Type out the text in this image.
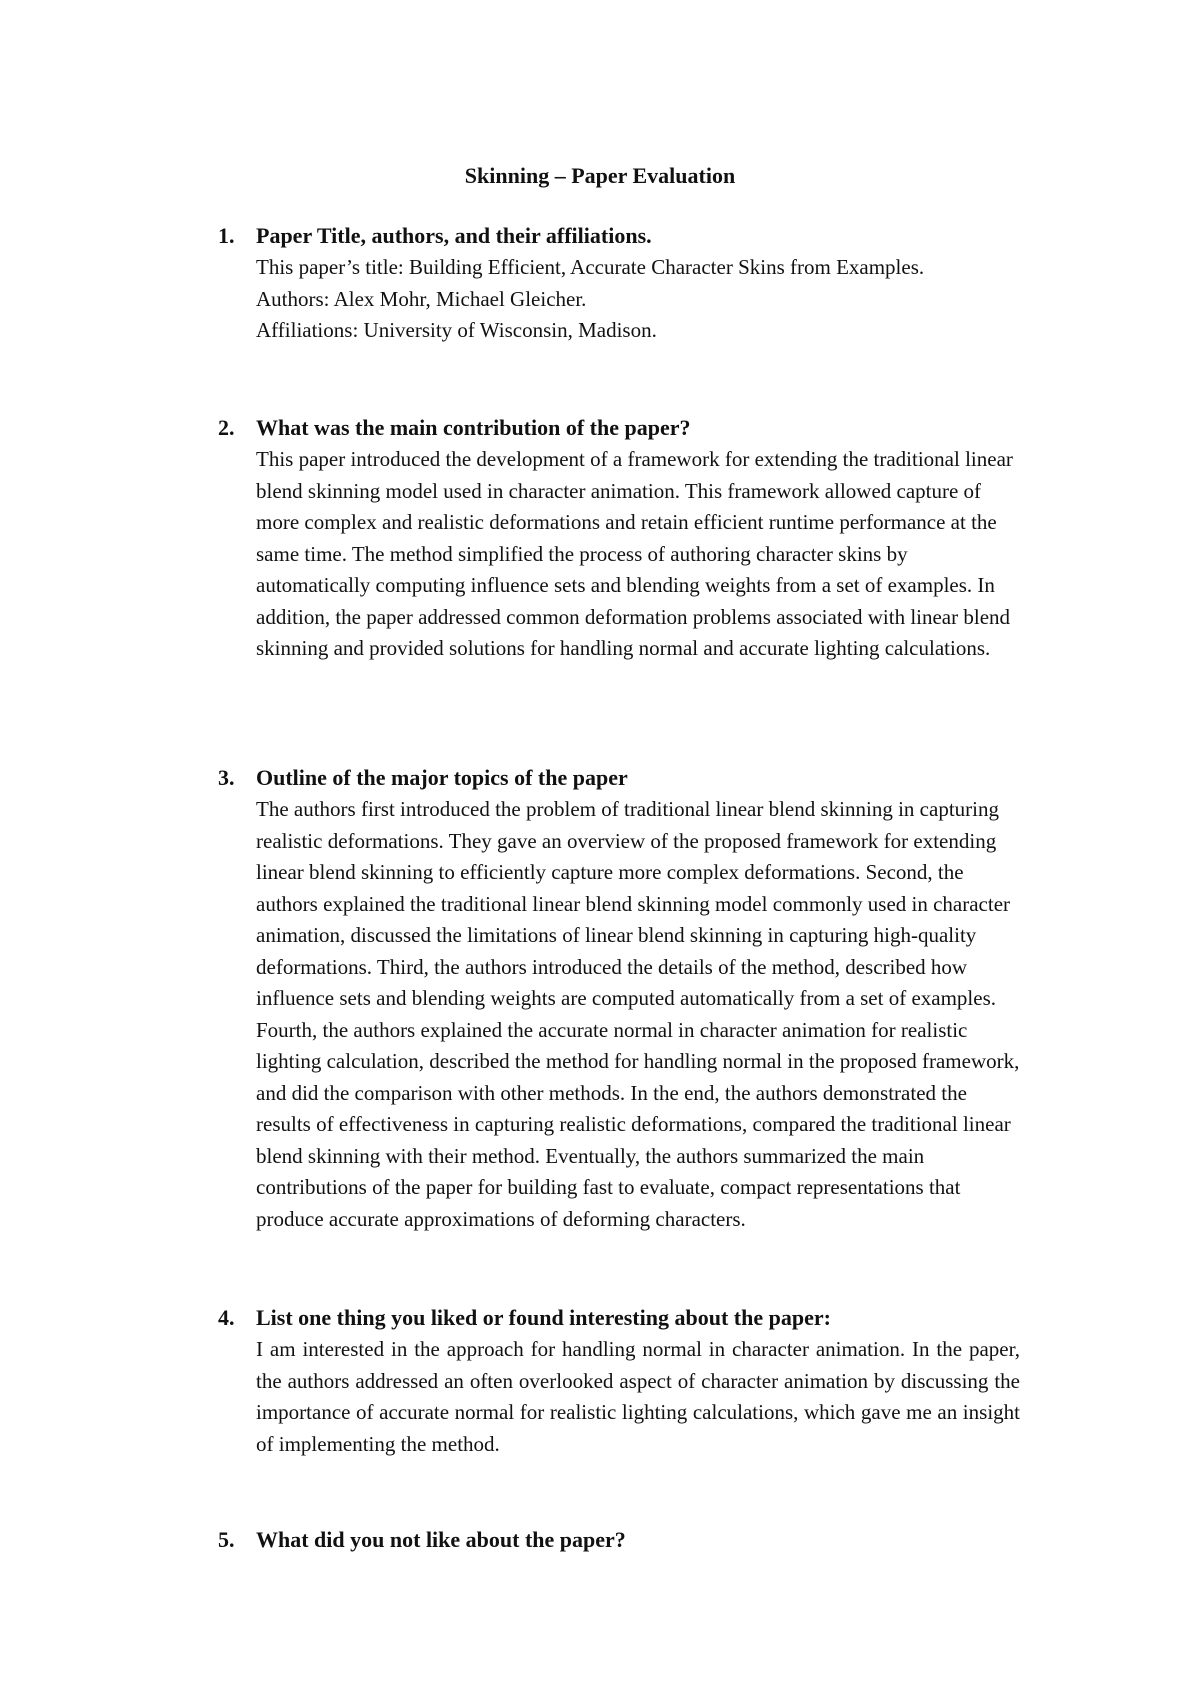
Skinning – Paper Evaluation
1. Paper Title, authors, and their affiliations.

This paper’s title: Building Efficient, Accurate Character Skins from Examples.

Authors: Alex Mohr, Michael Gleicher.

Affiliations: University of Wisconsin, Madison.

2. What was the main contribution of the paper?

This paper introduced the development of a framework for extending the traditional linear blend skinning model used in character animation. This framework allowed capture of more complex and realistic deformations and retain efficient runtime performance at the same time. The method simplified the process of authoring character skins by automatically computing influence sets and blending weights from a set of examples. In addition, the paper addressed common deformation problems associated with linear blend skinning and provided solutions for handling normal and accurate lighting calculations.

3. Outline of the major topics of the paper

The authors first introduced the problem of traditional linear blend skinning in capturing realistic deformations. They gave an overview of the proposed framework for extending linear blend skinning to efficiently capture more complex deformations. Second, the authors explained the traditional linear blend skinning model commonly used in character animation, discussed the limitations of linear blend skinning in capturing high-quality deformations. Third, the authors introduced the details of the method, described how influence sets and blending weights are computed automatically from a set of examples. Fourth, the authors explained the accurate normal in character animation for realistic lighting calculation, described the method for handling normal in the proposed framework, and did the comparison with other methods. In the end, the authors demonstrated the results of effectiveness in capturing realistic deformations, compared the traditional linear blend skinning with their method. Eventually, the authors summarized the main contributions of the paper for building fast to evaluate, compact representations that produce accurate approximations of deforming characters.

4. List one thing you liked or found interesting about the paper:

I am interested in the approach for handling normal in character animation. In the paper, the authors addressed an often overlooked aspect of character animation by discussing the importance of accurate normal for realistic lighting calculations, which gave me an insight of implementing the method.

5. What did you not like about the paper?
